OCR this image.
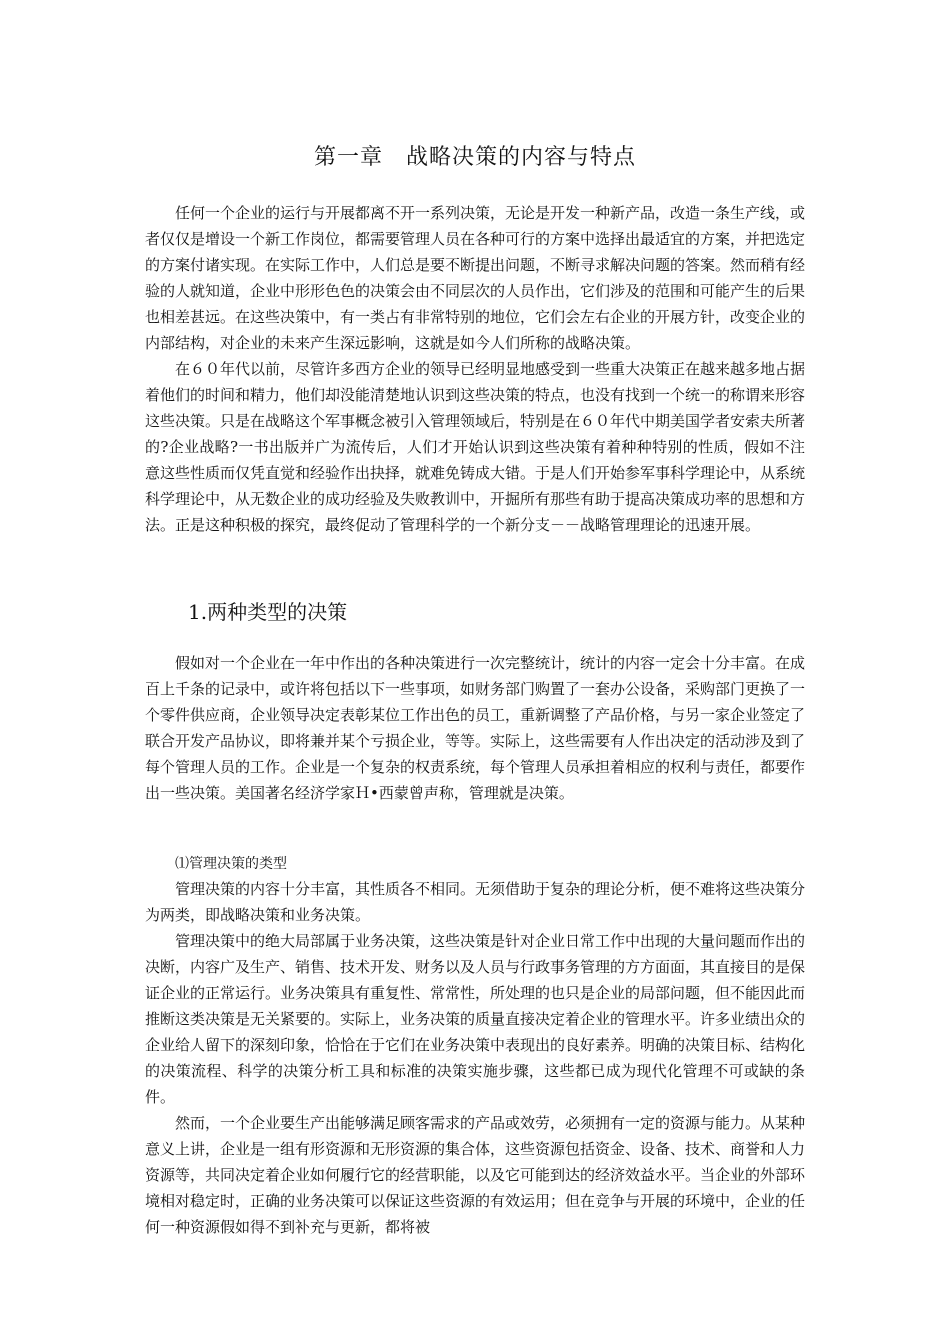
第一章　战略决策的内容与特点

任何一个企业的运行与开展都离不开一系列决策，无论是开发一种新产品，改造一条生产线，或者仅仅是增设一个新工作岗位，都需要管理人员在各种可行的方案中选择出最适宜的方案，并把选定的方案付诸实现。在实际工作中，人们总是要不断提出问题，不断寻求解决问题的答案。然而稍有经验的人就知道，企业中形形色色的决策会由不同层次的人员作出，它们涉及的范围和可能产生的后果也相差甚远。在这些决策中，有一类占有非常特别的地位，它们会左右企业的开展方针，改变企业的内部结构，对企业的未来产生深远影响，这就是如今人们所称的战略决策。

在６０年代以前，尽管许多西方企业的领导已经明显地感受到一些重大决策正在越来越多地占据着他们的时间和精力，他们却没能清楚地认识到这些决策的特点，也没有找到一个统一的称谓来形容这些决策。只是在战略这个军事概念被引入管理领域后，特别是在６０年代中期美国学者安索夫所著的?企业战略?一书出版并广为流传后，人们才开始认识到这些决策有着种种特别的性质，假如不注意这些性质而仅凭直觉和经验作出抉择，就难免铸成大错。于是人们开始参军事科学理论中，从系统科学理论中，从无数企业的成功经验及失败教训中，开掘所有那些有助于提高决策成功率的思想和方法。正是这种积极的探究，最终促动了管理科学的一个新分支－－战略管理理论的迅速开展。

1.两种类型的决策

假如对一个企业在一年中作出的各种决策进行一次完整统计，统计的内容一定会十分丰富。在成百上千条的记录中，或许将包括以下一些事项，如财务部门购置了一套办公设备，采购部门更换了一个零件供应商，企业领导决定表彰某位工作出色的员工，重新调整了产品价格，与另一家企业签定了联合开发产品协议，即将兼并某个亏损企业，等等。实际上，这些需要有人作出决定的活动涉及到了每个管理人员的工作。企业是一个复杂的权责系统，每个管理人员承担着相应的权利与责任，都要作出一些决策。美国著名经济学家Ｈ•西蒙曾声称，管理就是决策。

⑴管理决策的类型

管理决策的内容十分丰富，其性质各不相同。无须借助于复杂的理论分析，便不难将这些决策分为两类，即战略决策和业务决策。

管理决策中的绝大局部属于业务决策，这些决策是针对企业日常工作中出现的大量问题而作出的决断，内容广及生产、销售、技术开发、财务以及人员与行政事务管理的方方面面，其直接目的是保证企业的正常运行。业务决策具有重复性、常常性，所处理的也只是企业的局部问题，但不能因此而推断这类决策是无关紧要的。实际上，业务决策的质量直接决定着企业的管理水平。许多业绩出众的企业给人留下的深刻印象，恰恰在于它们在业务决策中表现出的良好素养。明确的决策目标、结构化的决策流程、科学的决策分析工具和标准的决策实施步骤，这些都已成为现代化管理不可或缺的条件。

然而，一个企业要生产出能够满足顾客需求的产品或效劳，必须拥有一定的资源与能力。从某种意义上讲，企业是一组有形资源和无形资源的集合体，这些资源包括资金、设备、技术、商誉和人力资源等，共同决定着企业如何履行它的经营职能，以及它可能到达的经济效益水平。当企业的外部环境相对稳定时，正确的业务决策可以保证这些资源的有效运用；但在竞争与开展的环境中，企业的任何一种资源假如得不到补充与更新，都将被
